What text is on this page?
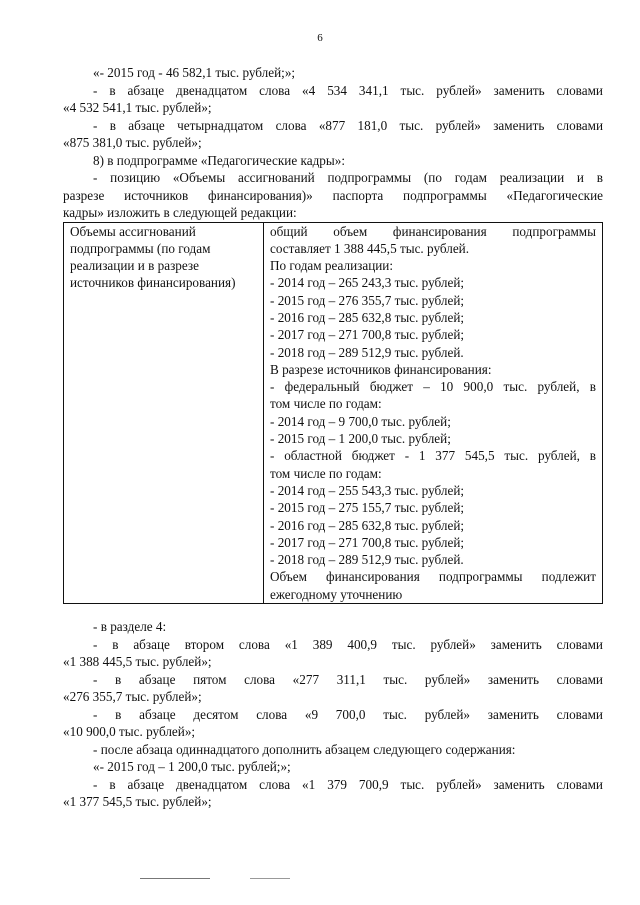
6
«- 2015 год - 46 582,1 тыс. рублей;»;
- в абзаце двенадцатом слова «4 534 341,1 тыс. рублей» заменить словами
«4 532 541,1 тыс. рублей»;
- в абзаце четырнадцатом слова «877 181,0 тыс. рублей» заменить словами
«875 381,0 тыс. рублей»;
8) в подпрограмме «Педагогические кадры»:
- позицию «Объемы ассигнований подпрограммы (по годам реализации и в
разрезе источников финансирования)» паспорта подпрограммы «Педагогические
кадры» изложить в следующей редакции:
Объемы ассигнований
подпрограммы (по годам
реализации и в разрезе
источников финансирования)
общий объем финансирования подпрограммы
составляет 1 388 445,5 тыс. рублей.
По годам реализации:
- 2014 год – 265 243,3 тыс. рублей;
- 2015 год – 276 355,7 тыс. рублей;
- 2016 год – 285 632,8 тыс. рублей;
- 2017 год – 271 700,8 тыс. рублей;
- 2018 год – 289 512,9 тыс. рублей.
В разрезе источников финансирования:
- федеральный бюджет – 10 900,0 тыс. рублей, в
том числе по годам:
- 2014 год – 9 700,0 тыс. рублей;
- 2015 год – 1 200,0 тыс. рублей;
- областной бюджет - 1 377 545,5 тыс. рублей, в
том числе по годам:
- 2014 год – 255 543,3 тыс. рублей;
- 2015 год – 275 155,7 тыс. рублей;
- 2016 год – 285 632,8 тыс. рублей;
- 2017 год – 271 700,8 тыс. рублей;
- 2018 год – 289 512,9 тыс. рублей.
Объем финансирования подпрограммы подлежит
ежегодному уточнению
- в разделе 4:
- в абзаце втором слова «1 389 400,9 тыс. рублей» заменить словами
«1 388 445,5 тыс. рублей»;
- в абзаце пятом слова «277 311,1 тыс. рублей» заменить словами
«276 355,7 тыс. рублей»;
- в абзаце десятом слова «9 700,0 тыс. рублей» заменить словами
«10 900,0 тыс. рублей»;
- после абзаца одиннадцатого дополнить абзацем следующего содержания:
«- 2015 год – 1 200,0 тыс. рублей;»;
- в абзаце двенадцатом слова «1 379 700,9 тыс. рублей» заменить словами
«1 377 545,5 тыс. рублей»;
